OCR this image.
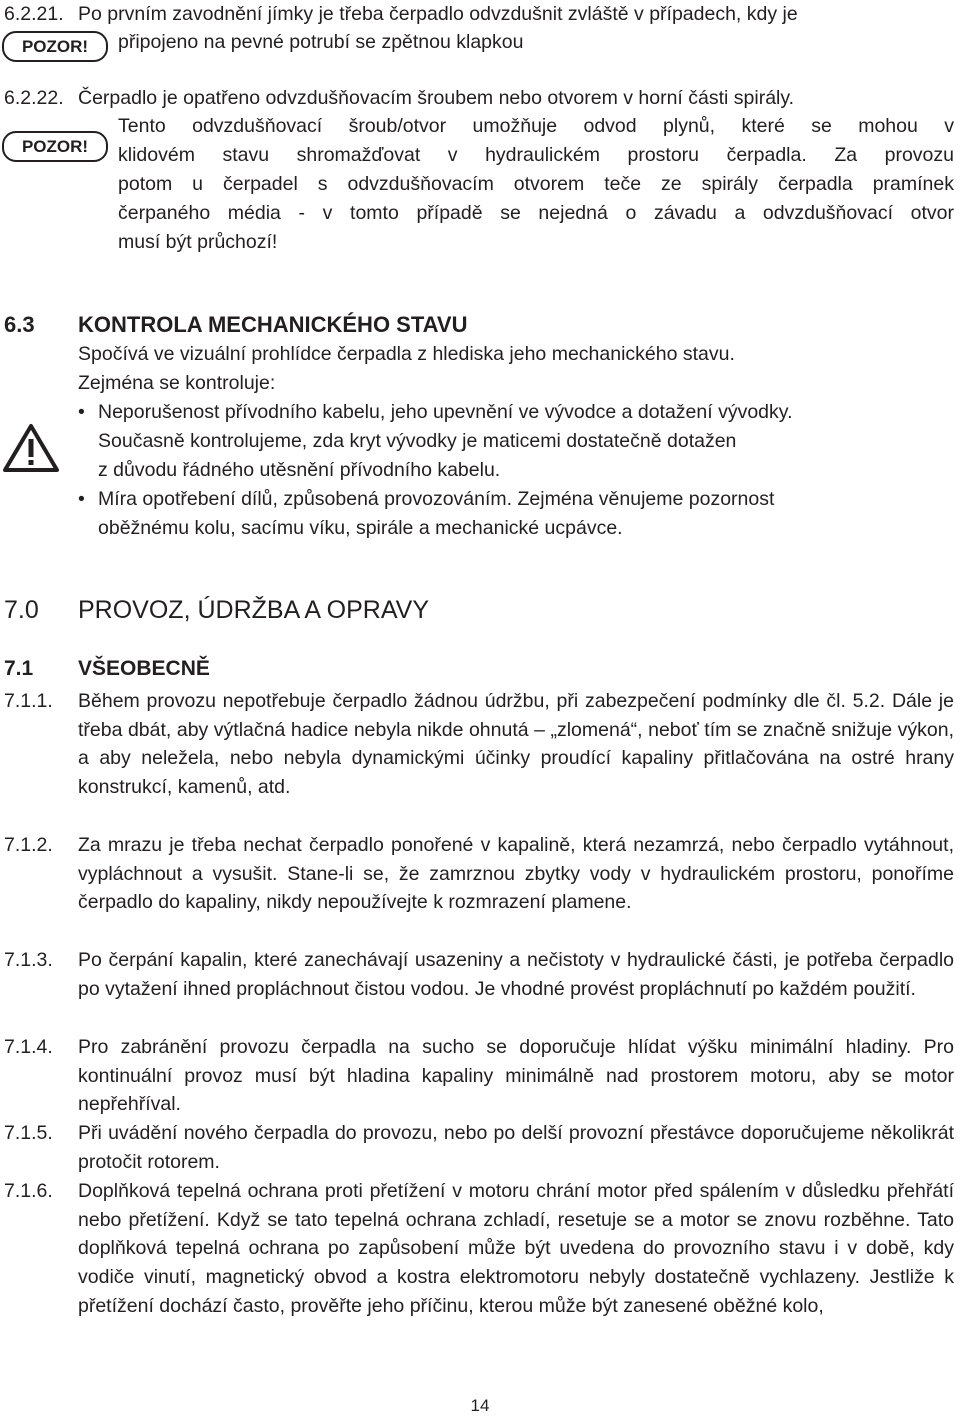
6.2.21. Po prvním zavodnění jímky je třeba čerpadlo odvzdušnit zvláště v případech, kdy je
POZOR!	připojeno na pevné potrubí se zpětnou klapkou
6.2.22. Čerpadlo je opatřeno odvzdušňovacím šroubem nebo otvorem v horní části spirály.
POZOR!
Tento odvzdušňovací šroub/otvor umožňuje odvod plynů, které se mohou v
klidovém stavu shromažďovat v hydraulickém prostoru čerpadla. Za provozu
potom u čerpadel s odvzdušňovacím otvorem teče ze spirály čerpadla pramínek
čerpaného média - v tomto případě se nejedná o závadu a odvzdušňovací otvor
musí být průchozí!
6.3 KONTROLA MECHANICKÉHO STAVU
Spočívá ve vizuální prohlídce čerpadla z hlediska jeho mechanického stavu.
Zejména se kontroluje:
• Neporušenost přívodního kabelu, jeho upevnění ve vývodce a dotažení vývodky.
Současně kontrolujeme, zda kryt vývodky je maticemi dostatečně dotažen
z důvodu řádného utěsnění přívodního kabelu.
• Míra opotřebení dílů, způsobená provozováním. Zejména věnujeme pozornost
oběžnému kolu, sacímu víku, spirále a mechanické ucpávce.
7.0 PROVOZ, ÚDRŽBA A OPRAVY
7.1 VŠEOBECNĚ
7.1.1. Během provozu nepotřebuje čerpadlo žádnou údržbu, při zabezpečení podmínky dle čl. 5.2. Dále je třeba dbát, aby výtlačná hadice nebyla nikde ohnutá – „zlomená“, neboť tím se značně snižuje výkon, a aby neležela, nebo nebyla dynamickými účinky proudící kapaliny přitlačována na ostré hrany konstrukcí, kamenů, atd.
7.1.2. Za mrazu je třeba nechat čerpadlo ponořené v kapalině, která nezamrzá, nebo čerpadlo vytáhnout, vypláchnout a vysušit. Stane-li se, že zamrznou zbytky vody v hydraulickém prostoru, ponoříme čerpadlo do kapaliny, nikdy nepoužívejte k rozmrazení plamene.
7.1.3. Po čerpání kapalin, které zanechávají usazeniny a nečistoty v hydraulické části, je potřeba čerpadlo po vytažení ihned propláchnout čistou vodou. Je vhodné provést propláchnutí po každém použití.
7.1.4. Pro zabránění provozu čerpadla na sucho se doporučuje hlídat výšku minimální hladiny. Pro kontinuální provoz musí být hladina kapaliny minimálně nad prostorem motoru, aby se motor nepřehříval.
7.1.5. Při uvádění nového čerpadla do provozu, nebo po delší provozní přestávce doporučujeme několikrát protočit rotorem.
7.1.6. Doplňková tepelná ochrana proti přetížení v motoru chrání motor před spálením v důsledku přehřátí nebo přetížení. Když se tato tepelná ochrana zchladí, resetuje se a motor se znovu rozběhne. Tato doplňková tepelná ochrana po zapůsobení může být uvedena do provozního stavu i v době, kdy vodiče vinutí, magnetický obvod a kostra elektromotoru nebyly dostatečně vychlazeny. Jestliže k přetížení dochází často, prověřte jeho příčinu, kterou může být zanesené oběžné kolo,
14
